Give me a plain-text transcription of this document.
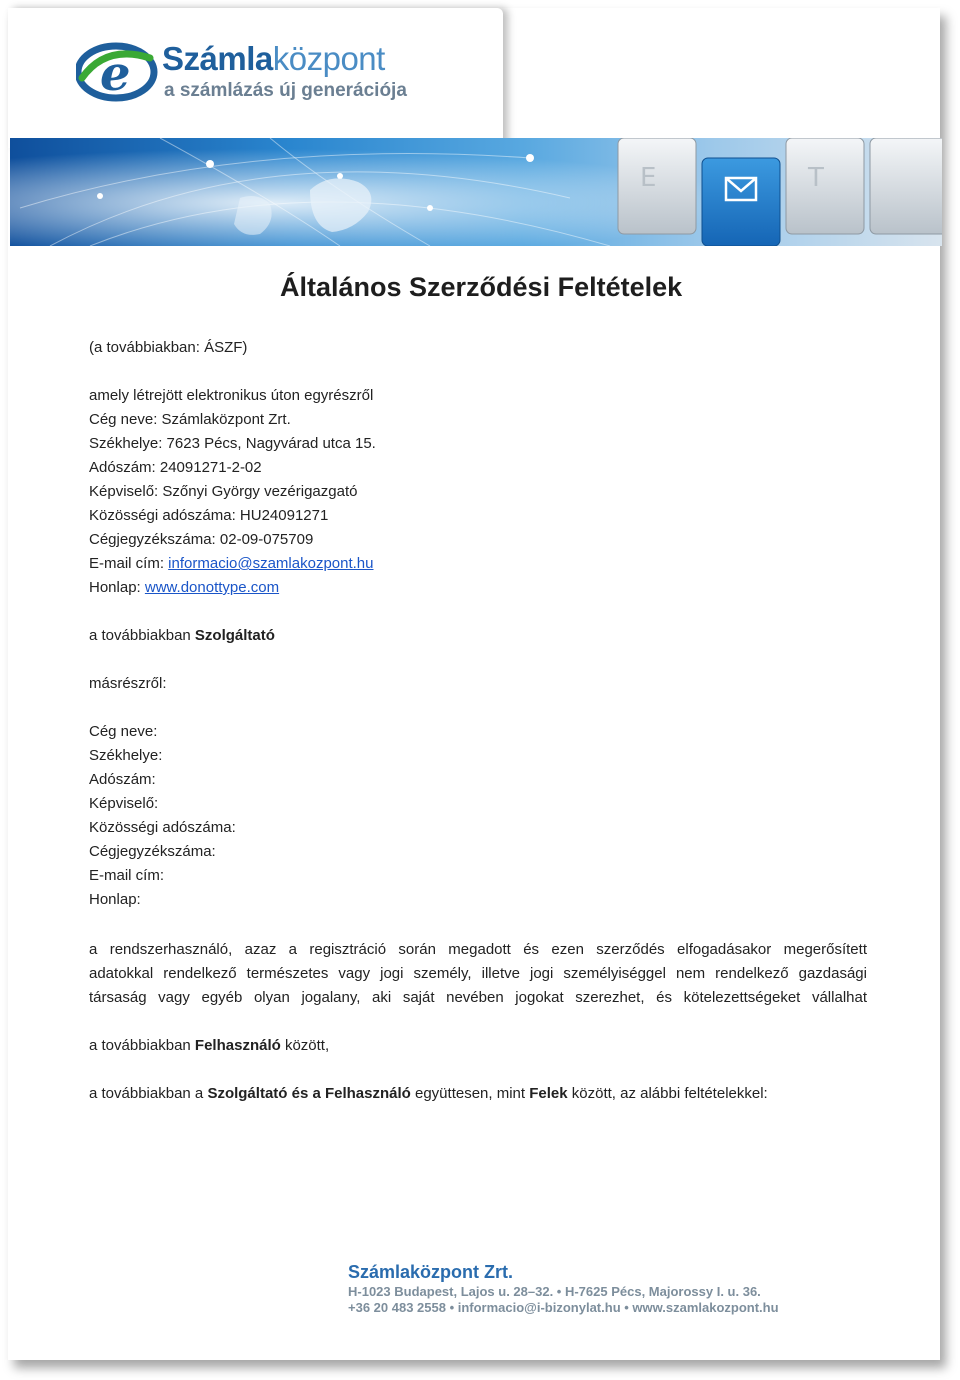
E	T
e Számlaközpont
a számlázás új generációja
Általános Szerződési Feltételek
(a továbbiakban: ÁSZF)
amely létrejött elektronikus úton egyrészről
Cég neve: Számlaközpont Zrt.
Székhelye: 7623 Pécs, Nagyvárad utca 15.
Adószám: 24091271-2-02
Képviselő: Szőnyi György vezérigazgató
Közösségi adószáma: HU24091271
Cégjegyzékszáma: 02-09-075709
E-mail cím: informacio@szamlakozpont.hu
Honlap: www.donottype.com
a továbbiakban Szolgáltató
másrészről:
Cég neve:
Székhelye:
Adószám:
Képviselő:
Közösségi adószáma:
Cégjegyzékszáma:
E-mail cím:
Honlap:
a rendszerhasználó, azaz a regisztráció során megadott és ezen szerződés elfogadásakor megerősített
adatokkal rendelkező természetes vagy jogi személy, illetve jogi személyiséggel nem rendelkező gazdasági
társaság vagy egyéb olyan jogalany, aki saját nevében jogokat szerezhet, és kötelezettségeket vállalhat
a továbbiakban Felhasználó között,
a továbbiakban a Szolgáltató és a Felhasználó együttesen, mint Felek között, az alábbi feltételekkel:
Számlaközpont Zrt.
H-1023 Budapest, Lajos u. 28–32. • H-7625 Pécs, Majorossy I. u. 36.
+36 20 483 2558 • informacio@i-bizonylat.hu • www.szamlakozpont.hu
